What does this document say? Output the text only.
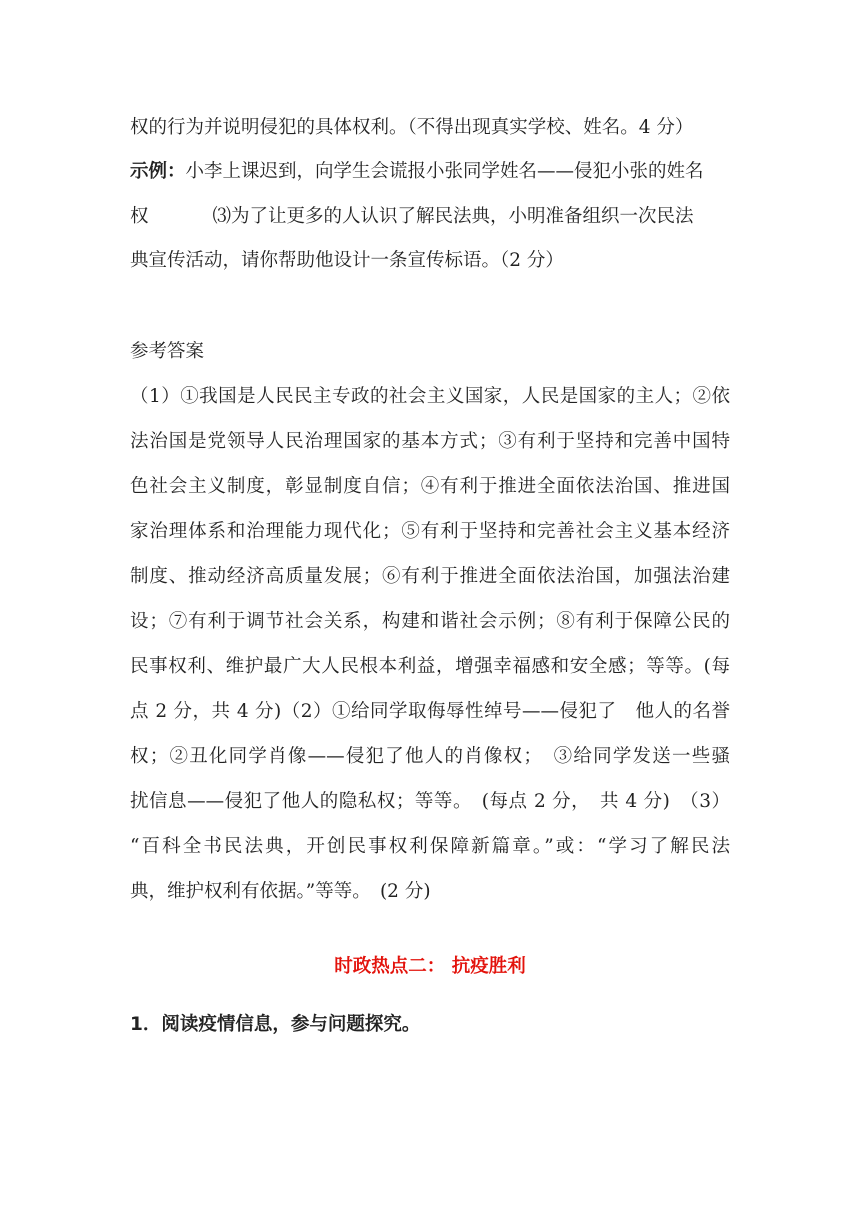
权的行为并说明侵犯的具体权利。（不得出现真实学校、姓名。4 分）
示例：小李上课迟到，向学生会谎报小张同学姓名——侵犯小张的姓名
权	⑶为了让更多的人认识了解民法典，小明准备组织一次民法
典宣传活动，请你帮助他设计一条宣传标语。（2 分）
参考答案
（1）①我国是人民民主专政的社会主义国家，人民是国家的主人；②依
法治国是党领导人民治理国家的基本方式；③有利于坚持和完善中国特
色社会主义制度，彰显制度自信；④有利于推进全面依法治国、推进国
家治理体系和治理能力现代化；⑤有利于坚持和完善社会主义基本经济
制度、推动经济高质量发展；⑥有利于推进全面依法治国，加强法治建
设；⑦有利于调节社会关系，构建和谐社会示例；⑧有利于保障公民的
民事权利、维护最广大人民根本利益，增强幸福感和安全感；等等。(每
点 2 分，共 4 分)（2）①给同学取侮辱性绰号——侵犯了　他人的名誉
权；②丑化同学肖像——侵犯了他人的肖像权；　③给同学发送一些骚
扰信息——侵犯了他人的隐私权；等等。　(每点 2 分，　共 4 分)　（3）
“百科全书民法典，开创民事权利保障新篇章。”或：“学习了解民法
典，维护权利有依据。”等等。　(2 分)
时政热点二： 抗疫胜利
1．阅读疫情信息，参与问题探究。
